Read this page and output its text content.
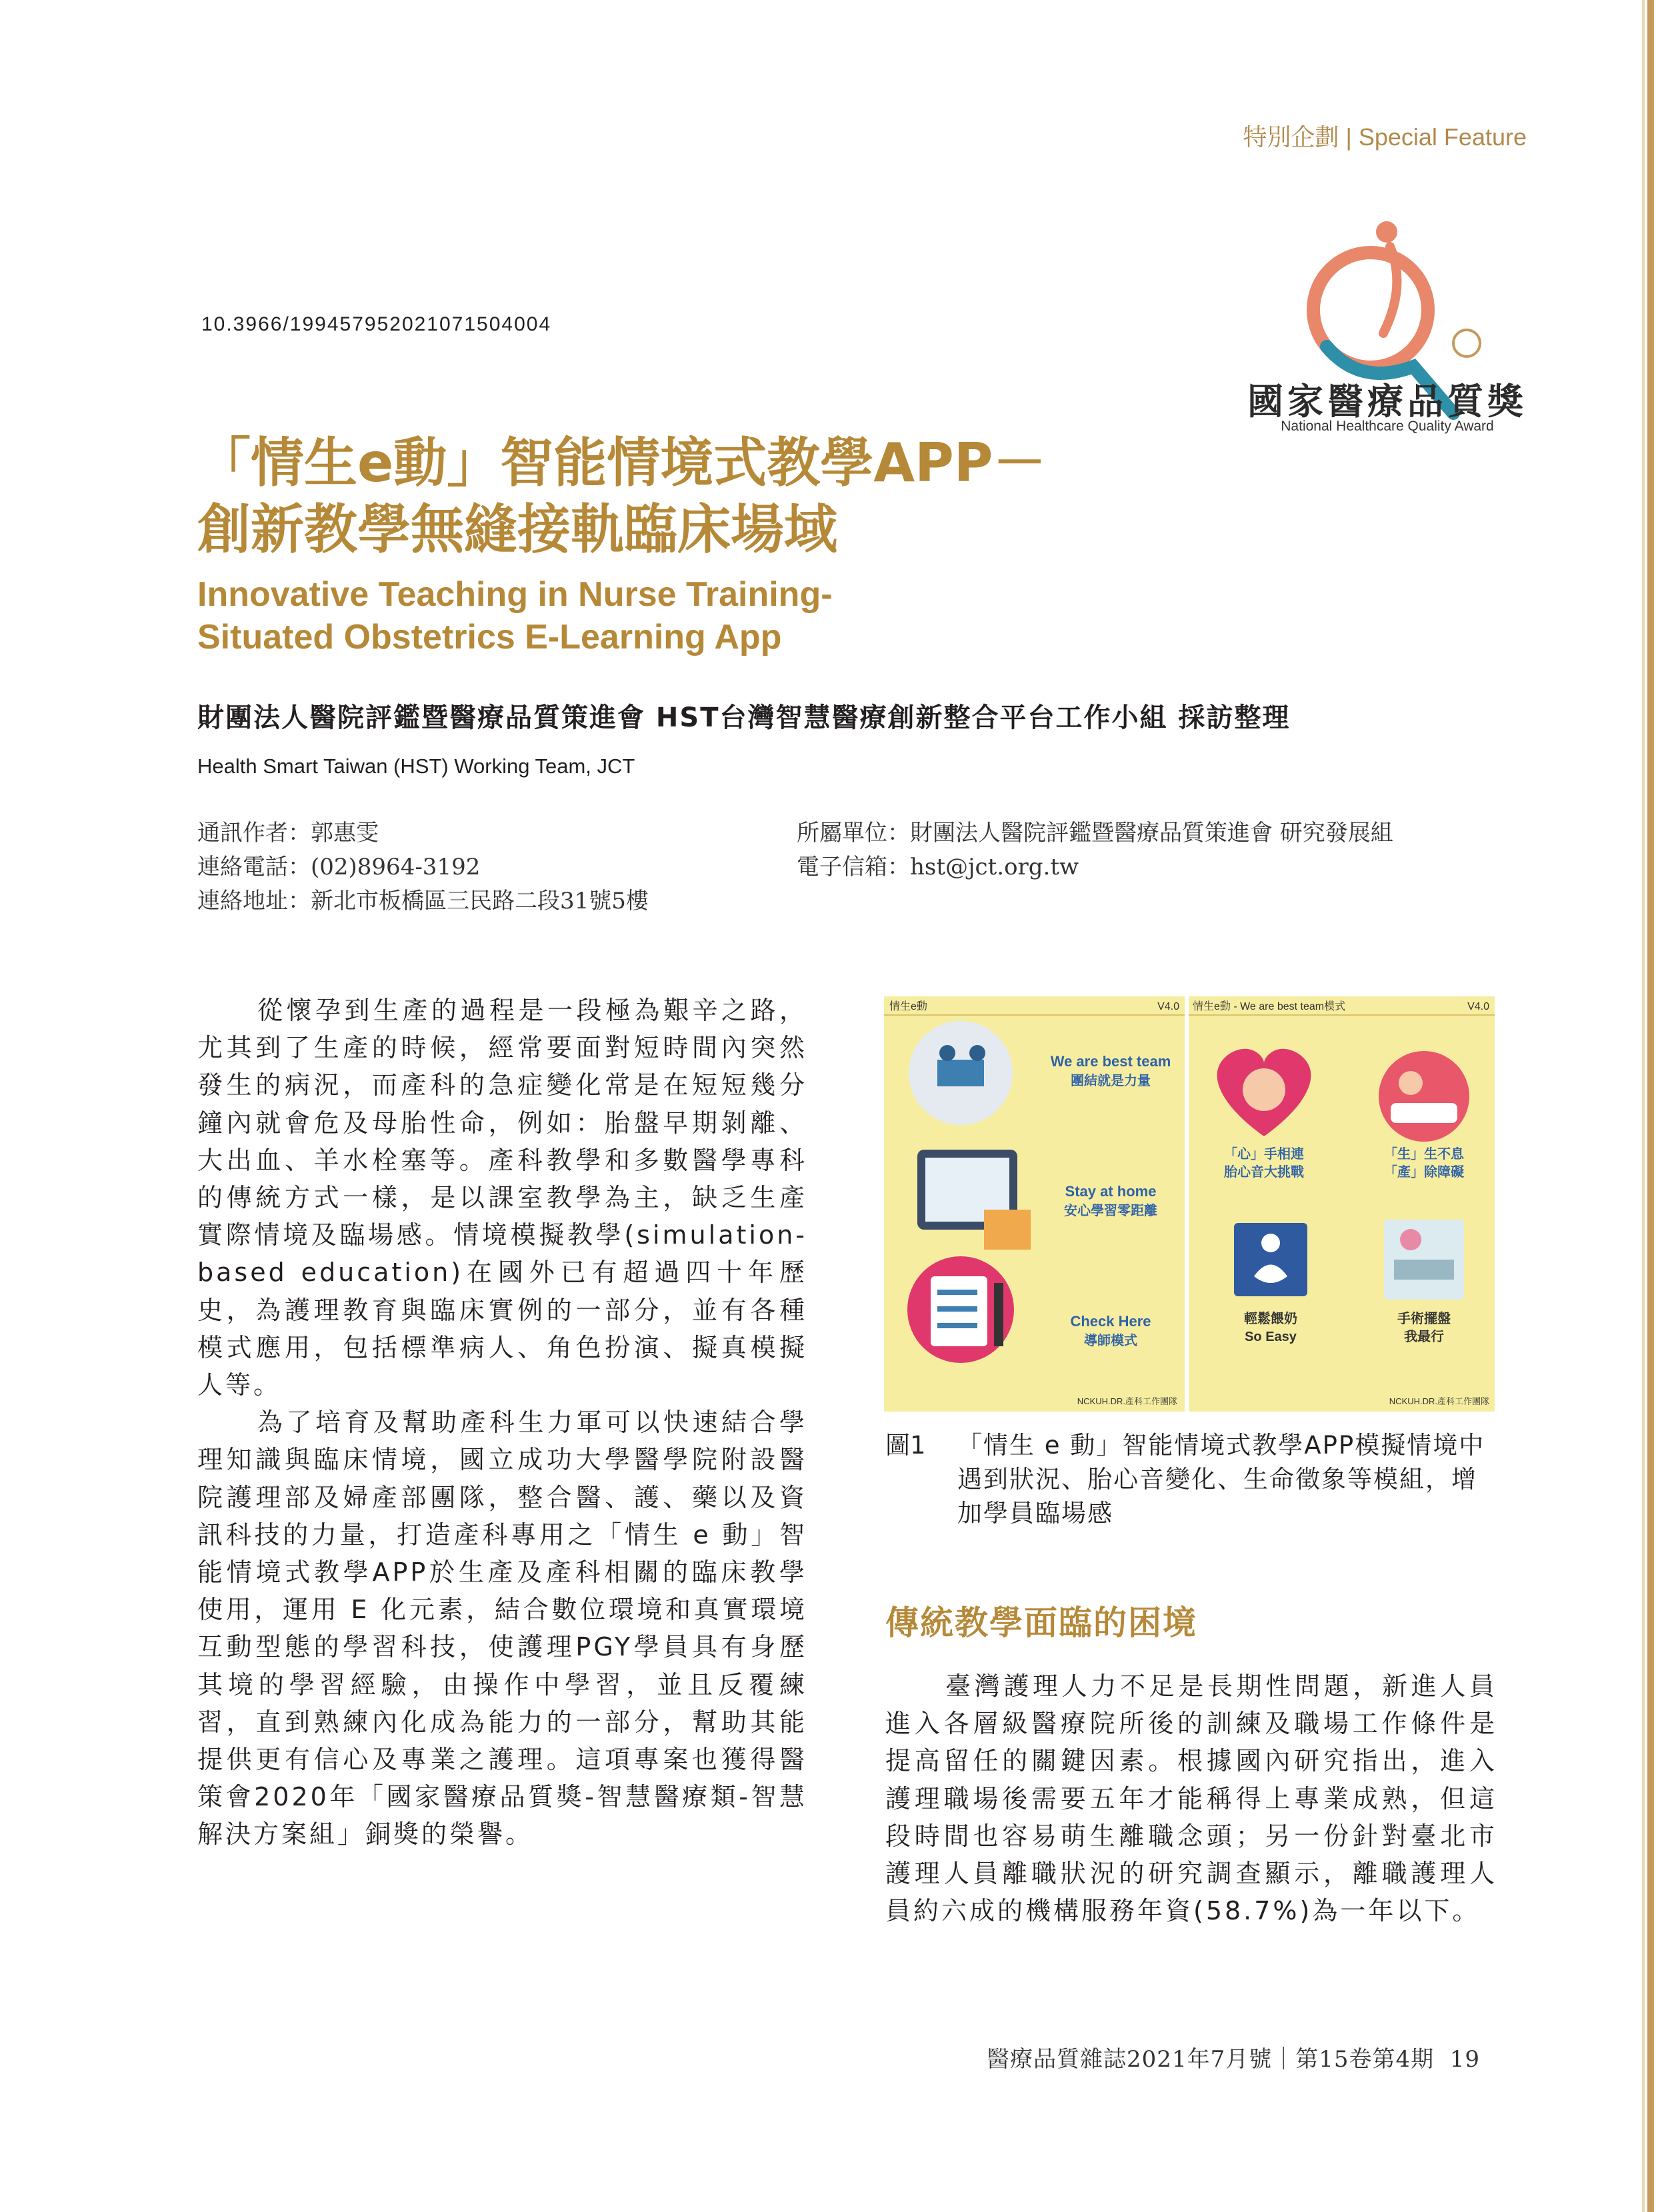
特別企劃 | Special Feature
10.3966/199457952021071504004
國家醫療品質獎
National Healthcare Quality Award
「情生e動」智能情境式教學APP－
創新教學無縫接軌臨床場域
Innovative Teaching in Nurse Training-
Situated Obstetrics E-Learning App
財團法人醫院評鑑暨醫療品質策進會 HST台灣智慧醫療創新整合平台工作小組 採訪整理
Health Smart Taiwan (HST) Working Team, JCT
通訊作者：郭惠雯
連絡電話：(02)8964-3192
連絡地址：新北市板橋區三民路二段31號5樓
所屬單位：財團法人醫院評鑑暨醫療品質策進會 研究發展組
電子信箱：hst@jct.org.tw

從懷孕到生產的過程是一段極為艱辛之路，尤其到了生產的時候，經常要面對短時間內突然發生的病況，而產科的急症變化常是在短短幾分鐘內就會危及母胎性命，例如：胎盤早期剝離、大出血、羊水栓塞等。產科教學和多數醫學專科的傳統方式一樣，是以課室教學為主，缺乏生產實際情境及臨場感。情境模擬教學(simulation-based education)在國外已有超過四十年歷史，為護理教育與臨床實例的一部分，並有各種模式應用，包括標準病人、角色扮演、擬真模擬人等。

為了培育及幫助產科生力軍可以快速結合學理知識與臨床情境，國立成功大學醫學院附設醫院護理部及婦產部團隊，整合醫、護、藥以及資訊科技的力量，打造產科專用之「情生 e 動」智能情境式教學APP於生產及產科相關的臨床教學使用，運用 E 化元素，結合數位環境和真實環境互動型態的學習科技，使護理PGY學員具有身歷其境的學習經驗，由操作中學習，並且反覆練習，直到熟練內化成為能力的一部分，幫助其能提供更有信心及專業之護理。這項專案也獲得醫策會2020年「國家醫療品質獎-智慧醫療類-智慧解決方案組」銅獎的榮譽。

情生e動	V4.0
We are best team
團結就是力量
Stay at home
安心學習零距離
Check Here
導師模式
NCKUH.DR.產科工作團隊
情生e動 - We are best team模式	V4.0
「心」手相連
胎心音大挑戰
「生」生不息
「產」除障礙
輕鬆餵奶
So Easy
手術擺盤
我最行
NCKUH.DR.產科工作團隊
圖1 「情生 e 動」智能情境式教學APP模擬情境中遇到狀況、胎心音變化、生命徵象等模組，增加學員臨場感
傳統教學面臨的困境

臺灣護理人力不足是長期性問題，新進人員進入各層級醫療院所後的訓練及職場工作條件是提高留任的關鍵因素。根據國內研究指出，進入護理職場後需要五年才能稱得上專業成熟，但這段時間也容易萌生離職念頭；另一份針對臺北市護理人員離職狀況的研究調查顯示，離職護理人員約六成的機構服務年資(58.7%)為一年以下。

醫療品質雜誌2021年7月號｜第15卷第4期 19
